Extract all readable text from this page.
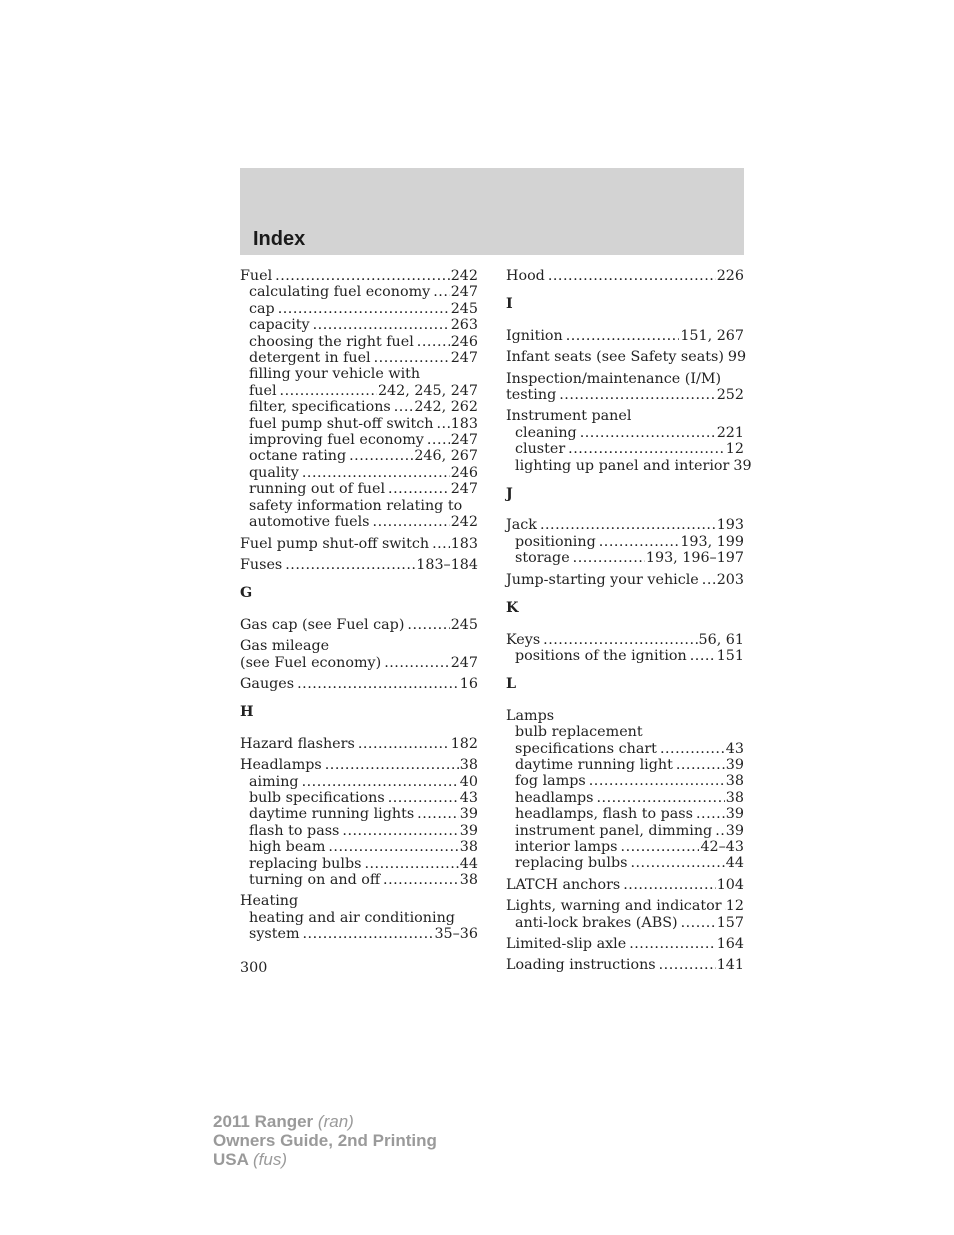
Index
Fuel .....	242
calculating fuel economy ..... 247
cap .....	245
capacity .....	263
choosing the right fuel .....	246
detergent in fuel .....	247
filling your vehicle with
fuel .....	242, 245, 247
filter, specifications ..... 242, 262
fuel pump shut-off switch ..... 183
improving fuel economy ..... 247
octane rating .....	246, 267
quality .....	246
running out of fuel .....	247
safety information relating to
automotive fuels .....	242
Fuel pump shut-off switch ..... 183
Fuses .....	183–184
G
Gas cap (see Fuel cap) .....	245
Gas mileage
(see Fuel economy) .....	247
Gauges .....	16
H
Hazard flashers .....	182
Headlamps .....	38
aiming .....	40
bulb specifications .....	43
daytime running lights .....	39
flash to pass .....	39
high beam .....	38
replacing bulbs .....	44
turning on and off .....	38
Heating
heating and air conditioning
system .....	35–36
Hood .....	226
I
Ignition .....	151, 267
Infant seats (see Safety seats) 99
Inspection/maintenance (I/M)
testing .....	252
Instrument panel
cleaning .....	221
cluster .....	12
lighting up panel and interior 39
J
Jack .....	193
positioning .....	193, 199
storage .....	193, 196–197
Jump-starting your vehicle ..... 203
K
Keys .....	56, 61
positions of the ignition ..... 151
L
Lamps
bulb replacement
specifications chart .....	43
daytime running light .....	39
fog lamps .....	38
headlamps .....	38
headlamps, flash to pass ..... 39
instrument panel, dimming ..... 39
interior lamps .....	42–43
replacing bulbs .....	44
LATCH anchors .....	104
Lights, warning and indicator ..... 12
anti-lock brakes (ABS) .....	157
Limited-slip axle .....	164
Loading instructions .....	141
300
2011 Ranger (ran)
Owners Guide, 2nd Printing
USA (fus)
